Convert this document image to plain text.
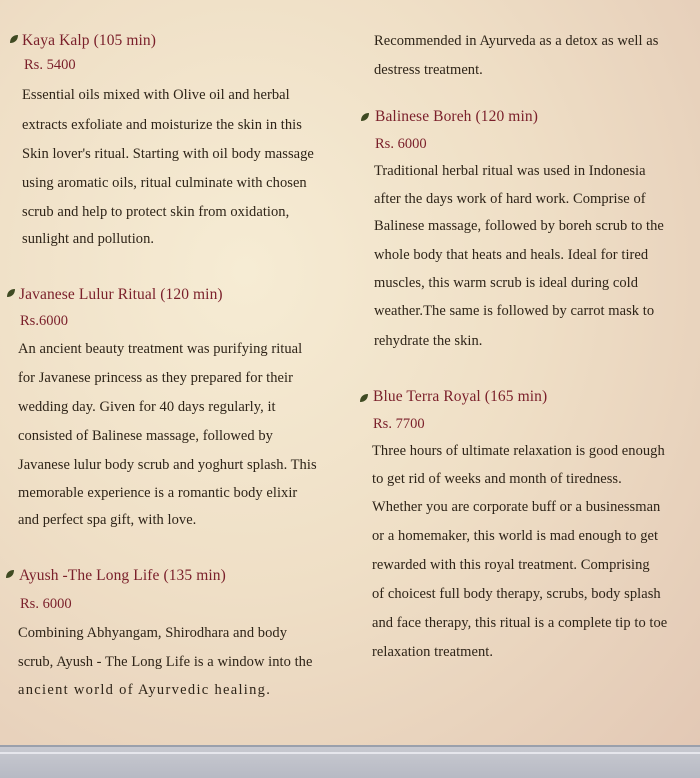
Kaya Kalp (105 min)
Rs. 5400
Essential oils mixed with Olive oil and herbal
extracts exfoliate and moisturize the skin in this
Skin lover's ritual. Starting with oil body massage
using aromatic oils, ritual culminate with chosen
scrub and help to protect skin from oxidation,
sunlight and pollution.
Javanese Lulur Ritual (120 min)
Rs.6000
An ancient beauty treatment was purifying ritual
for Javanese princess as they prepared for their
wedding day. Given for 40 days regularly, it
consisted of Balinese massage, followed by
Javanese lulur body scrub and yoghurt splash. This
memorable experience is a romantic body elixir
and perfect spa gift, with love.
Ayush -The Long Life (135 min)
Rs. 6000
Combining Abhyangam, Shirodhara and body
scrub, Ayush - The Long Life is a window into the
ancient world of Ayurvedic healing.
Recommended in Ayurveda as a detox as well as
destress treatment.
Balinese Boreh (120 min)
Rs. 6000
Traditional herbal ritual was used in Indonesia
after the days work of hard work. Comprise of
Balinese massage, followed by boreh scrub to the
whole body that heats and heals. Ideal for tired
muscles, this warm scrub is ideal during cold
weather.The same is followed by carrot mask to
rehydrate the skin.
Blue Terra Royal (165 min)
Rs. 7700
Three hours of ultimate relaxation is good enough
to get rid of weeks and month of tiredness.
Whether you are corporate buff or a businessman
or a homemaker, this world is mad enough to get
rewarded with this royal treatment. Comprising
of choicest full body therapy, scrubs, body splash
and face therapy, this ritual is a complete tip to toe
relaxation treatment.
